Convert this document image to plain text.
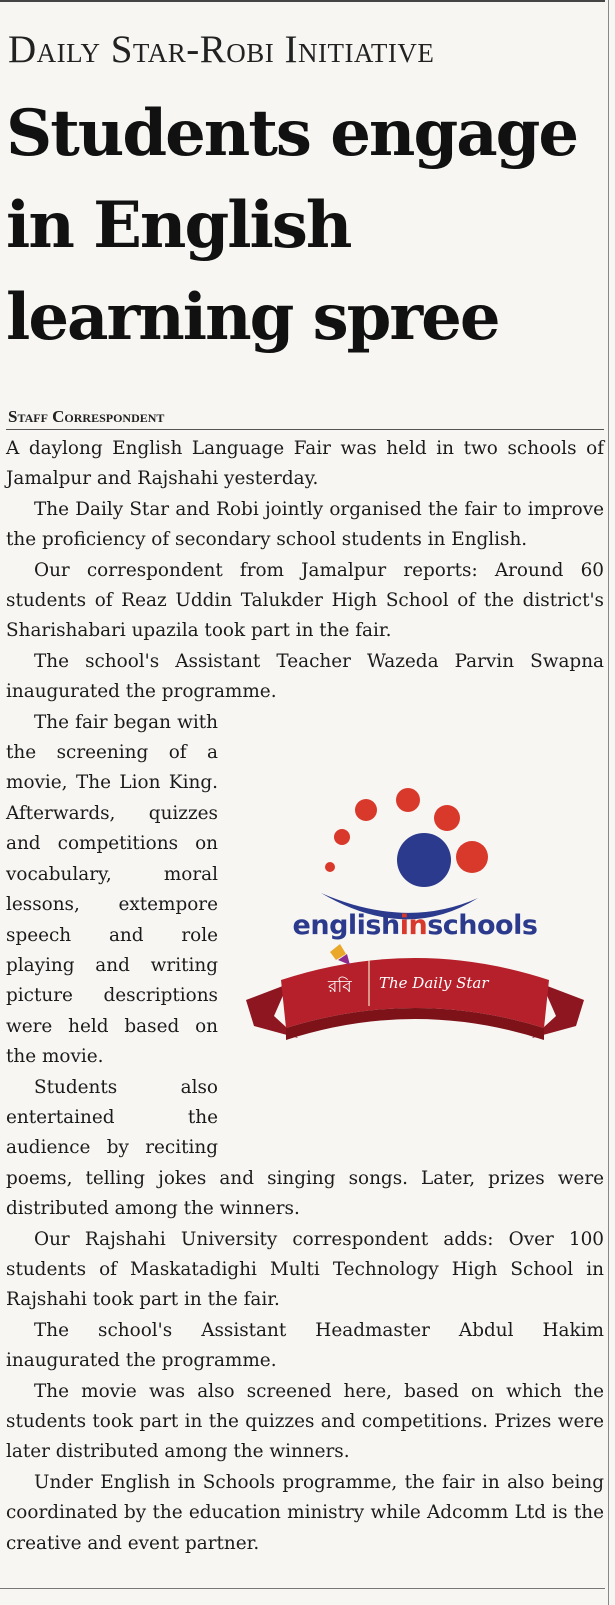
Daily Star-Robi Initiative
Students engage in English learning spree
Staff Correspondent

A daylong English Language Fair was held in two schools of Jamalpur and Rajshahi yesterday.

The Daily Star and Robi jointly organised the fair to improve the proficiency of secondary school students in English.

Our correspondent from Jamalpur reports: Around 60 students of Reaz Uddin Talukder High School of the district's Sharishabari upazila took part in the fair.

The school's Assistant Teacher Wazeda Parvin Swapna inaugurated the programme.

রবি The Daily Star
englishinschools

The fair began with the screening of a movie, The Lion King. Afterwards, quizzes and competitions on vocabulary, moral lessons, extempore speech and role playing and writing picture descriptions were held based on the movie.

Students also entertained the audience by reciting poems, telling jokes and singing songs. Later, prizes were distributed among the winners.

Our Rajshahi University correspondent adds: Over 100 students of Maskatadighi Multi Technology High School in Rajshahi took part in the fair.

The school's Assistant Headmaster Abdul Hakim inaugurated the programme.

The movie was also screened here, based on which the students took part in the quizzes and competitions. Prizes were later distributed among the winners.

Under English in Schools programme, the fair in also being coordinated by the education ministry while Adcomm Ltd is the creative and event partner.
